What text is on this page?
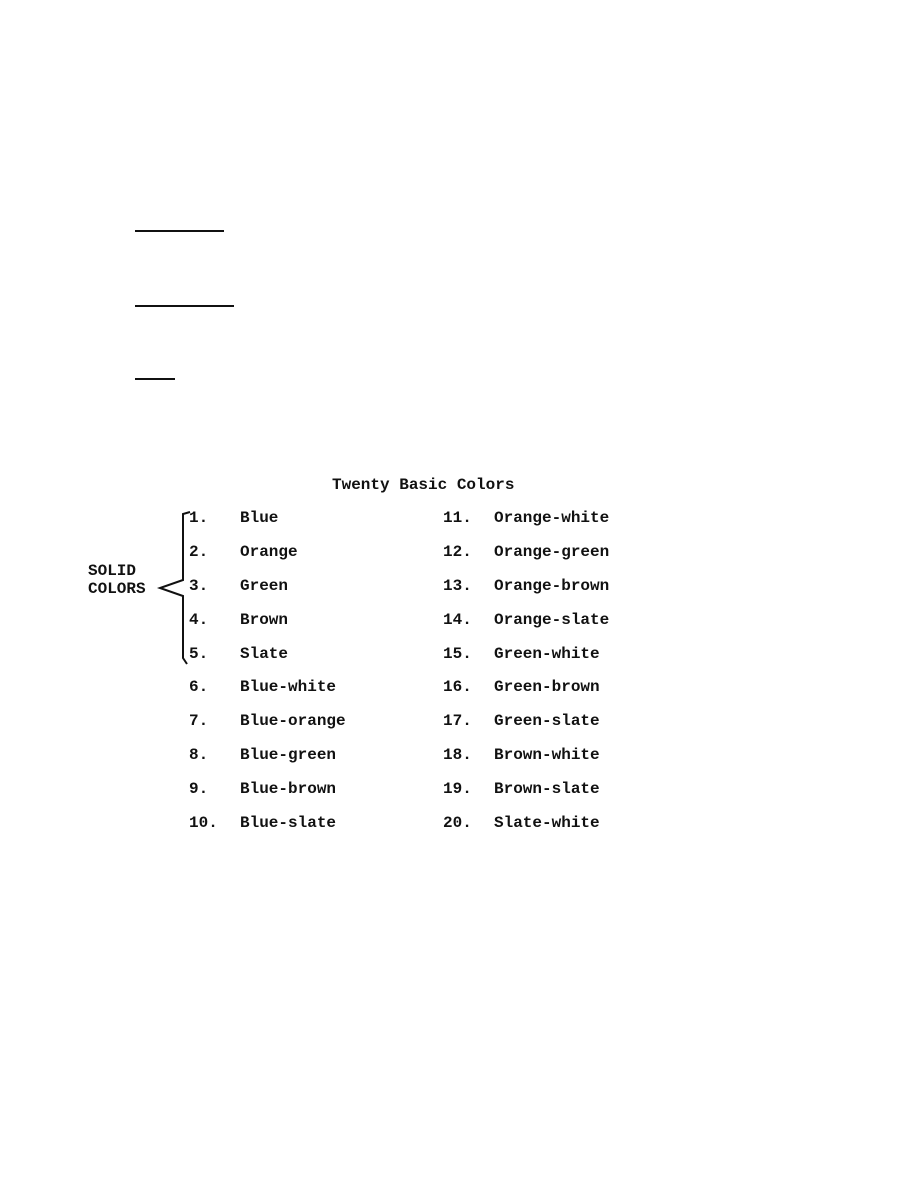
Twenty Basic Colors
SOLID
COLORS
1. Blue
2. Orange
3. Green
4. Brown
5. Slate
6. Blue-white
7. Blue-orange
8. Blue-green
9. Blue-brown
10. Blue-slate
11. Orange-white
12. Orange-green
13. Orange-brown
14. Orange-slate
15. Green-white
16. Green-brown
17. Green-slate
18. Brown-white
19. Brown-slate
20. Slate-white
